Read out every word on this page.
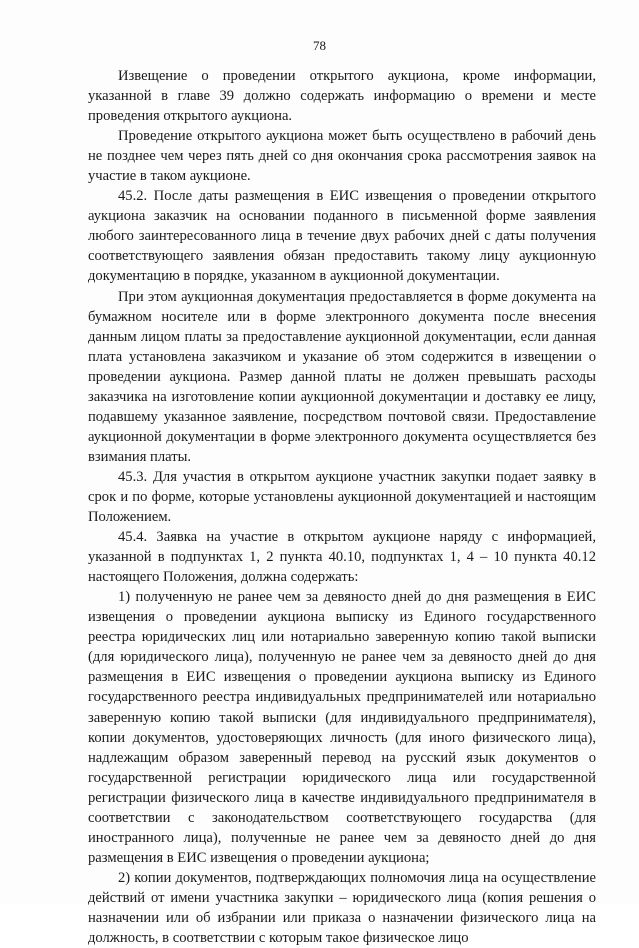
78

Извещение о проведении открытого аукциона, кроме информации, указанной в главе 39 должно содержать информацию о времени и месте проведения открытого аукциона.

Проведение открытого аукциона может быть осуществлено в рабочий день не позднее чем через пять дней со дня окончания срока рассмотрения заявок на участие в таком аукционе.

45.2. После даты размещения в ЕИС извещения о проведении открытого аукциона заказчик на основании поданного в письменной форме заявления любого заинтересованного лица в течение двух рабочих дней с даты получения соответствующего заявления обязан предоставить такому лицу аукционную документацию в порядке, указанном в аукционной документации.

При этом аукционная документация предоставляется в форме документа на бумажном носителе или в форме электронного документа после внесения данным лицом платы за предоставление аукционной документации, если данная плата установлена заказчиком и указание об этом содержится в извещении о проведении аукциона. Размер данной платы не должен превышать расходы заказчика на изготовление копии аукционной документации и доставку ее лицу, подавшему указанное заявление, посредством почтовой связи. Предоставление аукционной документации в форме электронного документа осуществляется без взимания платы.

45.3. Для участия в открытом аукционе участник закупки подает заявку в срок и по форме, которые установлены аукционной документацией и настоящим Положением.

45.4. Заявка на участие в открытом аукционе наряду с информацией, указанной в подпунктах 1, 2 пункта 40.10, подпунктах 1, 4 – 10 пункта 40.12 настоящего Положения, должна содержать:

1) полученную не ранее чем за девяносто дней до дня размещения в ЕИС извещения о проведении аукциона выписку из Единого государственного реестра юридических лиц или нотариально заверенную копию такой выписки (для юридического лица), полученную не ранее чем за девяносто дней до дня размещения в ЕИС извещения о проведении аукциона выписку из Единого государственного реестра индивидуальных предпринимателей или нотариально заверенную копию такой выписки (для индивидуального предпринимателя), копии документов, удостоверяющих личность (для иного физического лица), надлежащим образом заверенный перевод на русский язык документов о государственной регистрации юридического лица или государственной регистрации физического лица в качестве индивидуального предпринимателя в соответствии с законодательством соответствующего государства (для иностранного лица), полученные не ранее чем за девяносто дней до дня размещения в ЕИС извещения о проведении аукциона;

2) копии документов, подтверждающих полномочия лица на осуществление действий от имени участника закупки – юридического лица (копия решения о назначении или об избрании или приказа о назначении физического лица на должность, в соответствии с которым такое физическое лицо
